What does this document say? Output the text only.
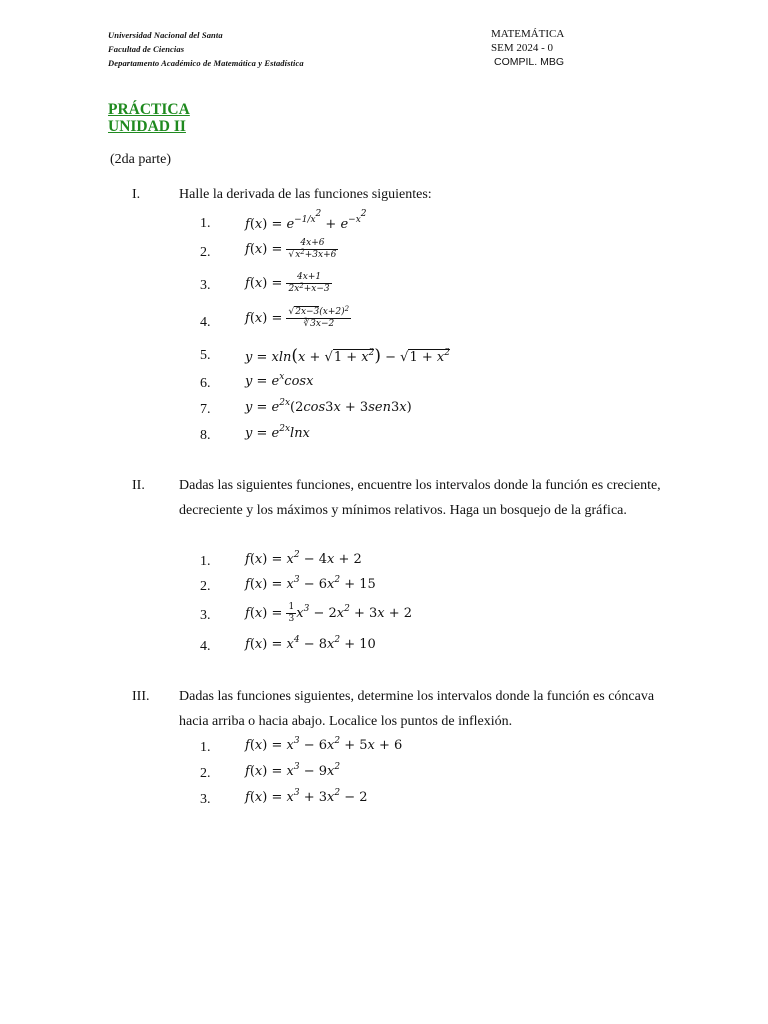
Universidad Nacional del Santa
Facultad de Ciencias
Departamento Académico de Matemática y Estadística
MATEMÁTICA
SEM 2024 - 0
COMPIL. MBG
PRÁCTICA
UNIDAD II
(2da parte)
I.	Halle la derivada de las funciones siguientes:
1.	$f(x) = e^{-1/x^2} + e^{-x^2}$
2.	$f(x) = \frac{4x+6}{√x^2+3x+6}$
3.	$f(x) = \frac{4x+1}{2x^2+x-3}$
4.	$f(x) = \frac{√2x-3(x+2)^2}{∛3x-2}$
5.	$y = xln(x + √1 + x^2) - √1 + x^2$
6.	$y = e^x\cos x$
7.	$y = e^{2x}(2\cos 3x + 3sen3x)$
8.	$y = e^{2x}\ln x$
II. Dadas las siguientes funciones, encuentre los intervalos donde la función es creciente, decreciente y los máximos y mínimos relativos. Haga un bosquejo de la gráfica.
1.	$f(x) = x^2 - 4x + 2$
2.	$f(x) = x^3 - 6x^2 + 15$
3.	$f(x) = \frac{1}{3} x^3 - 2x^2 + 3x + 2$
4.	$f(x) = x^4 - 8x^2 + 10$
III. Dadas las funciones siguientes, determine los intervalos donde la función es cóncava hacia arriba o hacia abajo. Localice los puntos de inflexión.
1.	$f(x) = x^3 - 6x^2 + 5x + 6$
2.	$f(x) = x^3 - 9x^2$
3.	$f(x) = x^3 + 3x^2 - 2$
